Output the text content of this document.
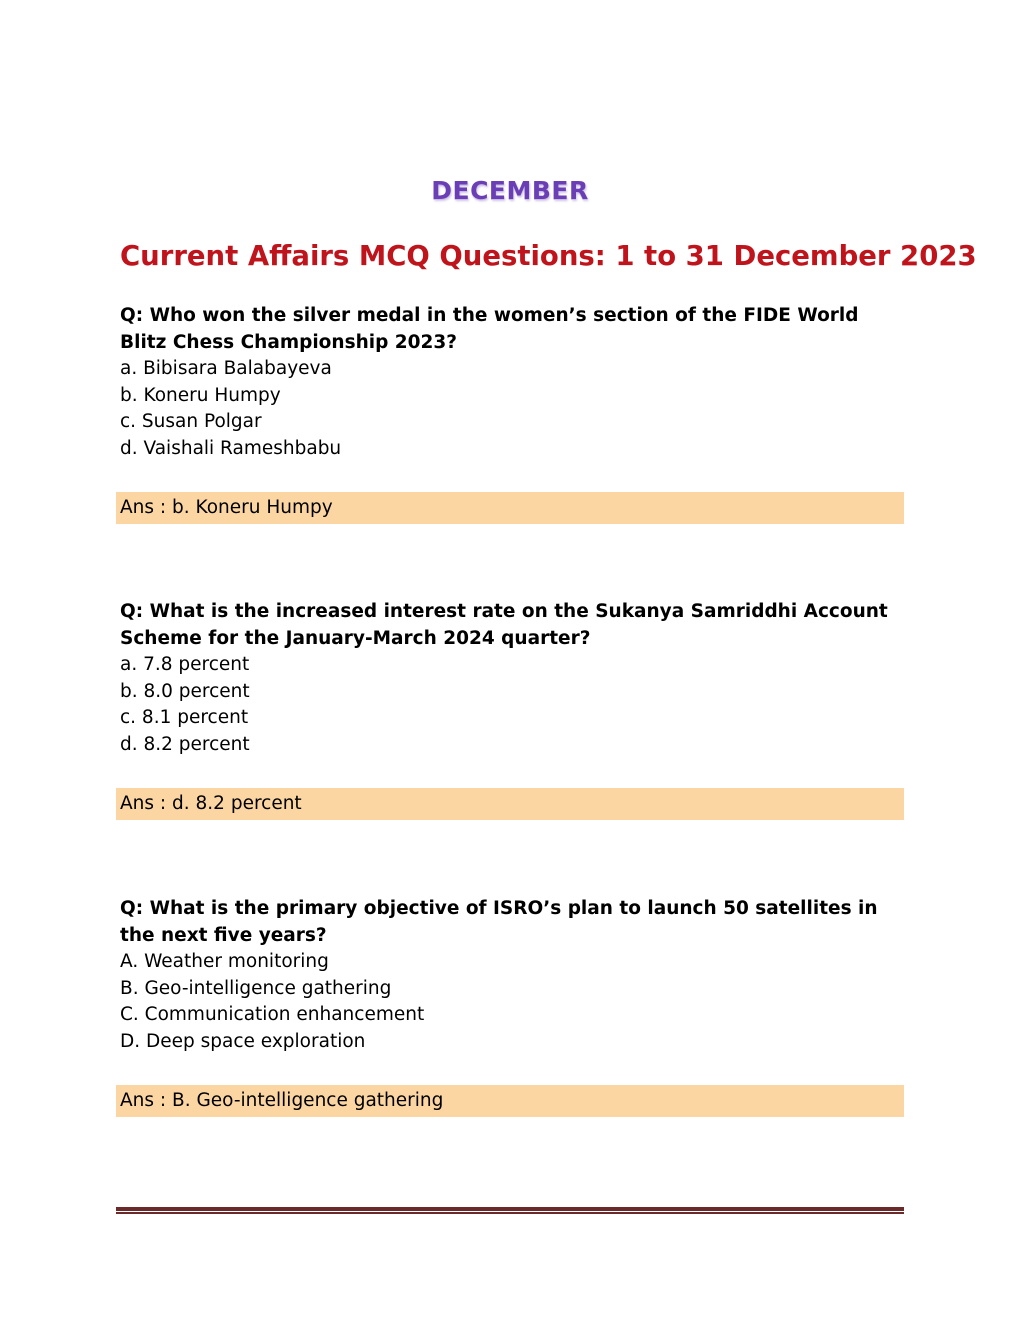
DECEMBER
Current Affairs MCQ Questions: 1 to 31 December 2023
Q: Who won the silver medal in the women’s section of the FIDE World Blitz Chess Championship 2023?
a. Bibisara Balabayeva
b. Koneru Humpy
c. Susan Polgar
d. Vaishali Rameshbabu
Ans : b. Koneru Humpy
Q: What is the increased interest rate on the Sukanya Samriddhi Account Scheme for the January-March 2024 quarter?
a. 7.8 percent
b. 8.0 percent
c. 8.1 percent
d. 8.2 percent
Ans : d. 8.2 percent
Q: What is the primary objective of ISRO’s plan to launch 50 satellites in the next five years?
A. Weather monitoring
B. Geo-intelligence gathering
C. Communication enhancement
D. Deep space exploration
Ans : B. Geo-intelligence gathering
